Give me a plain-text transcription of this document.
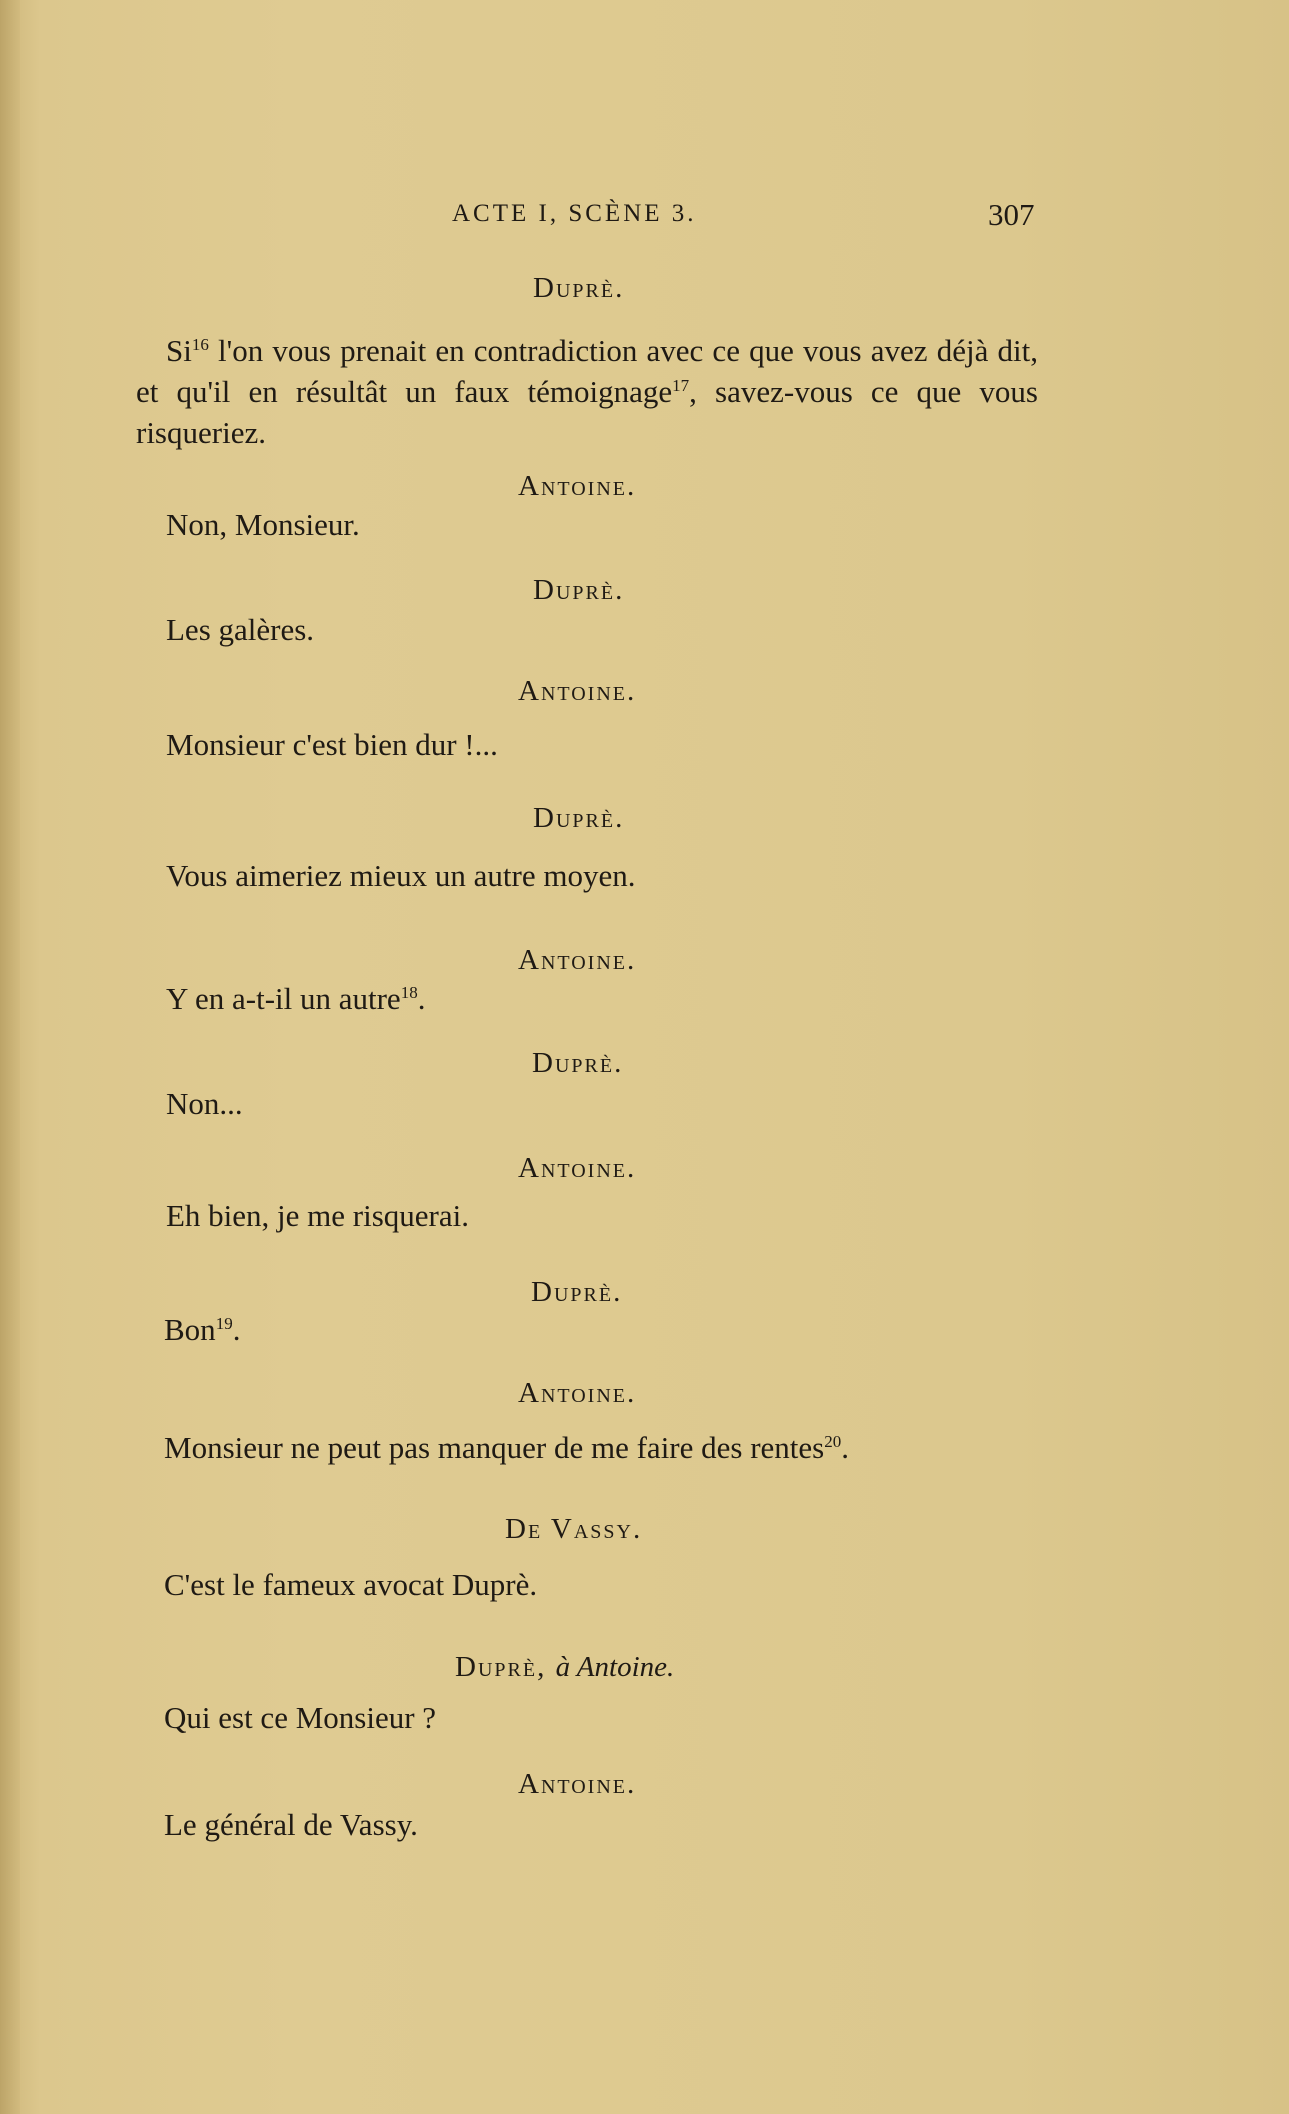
ACTE I, SCÈNE 3.	307
Duprè.
Si$^{16}$ l'on vous prenait en contradiction avec ce que vous avez déjà dit, et qu'il en résultât un faux témoignage$^{17}$, savez-vous ce que vous risqueriez.
Antoine.
Non, Monsieur.
Duprè.
Les galères.
Antoine.
Monsieur c'est bien dur !...
Duprè.
Vous aimeriez mieux un autre moyen.
Antoine.
Y en a-t-il un autre$^{18}$.
Duprè.
Non...
Antoine.
Eh bien, je me risquerai.
Duprè.
Bon$^{19}$.
Antoine.
Monsieur ne peut pas manquer de me faire des rentes$^{20}$.
De Vassy.
C'est le fameux avocat Duprè.
Duprè, à Antoine.
Qui est ce Monsieur ?
Antoine.
Le général de Vassy.
